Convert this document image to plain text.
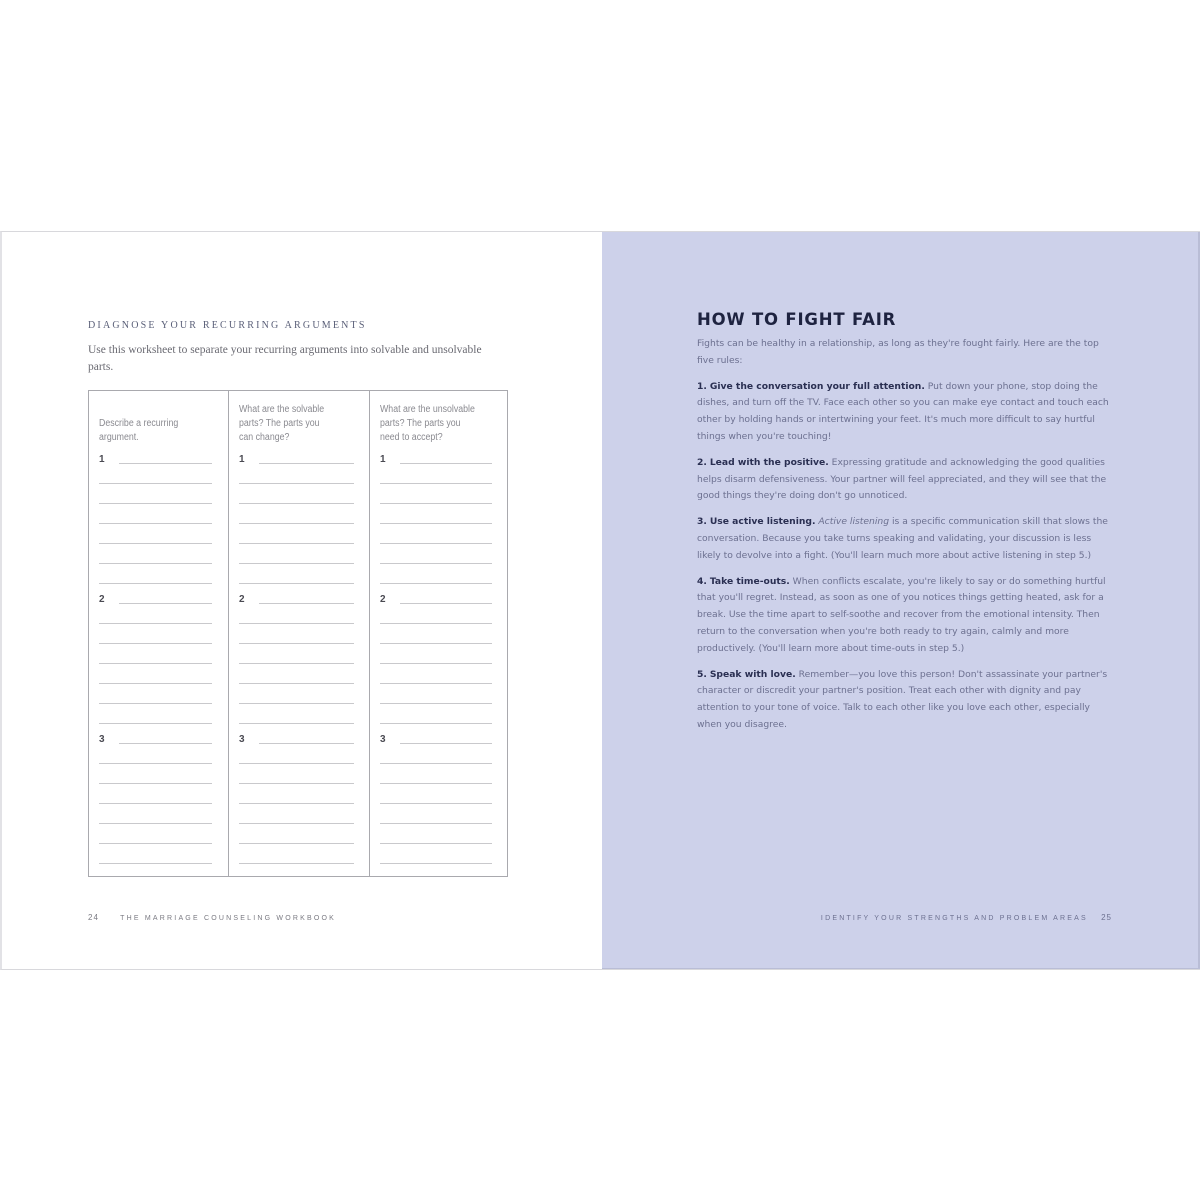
DIAGNOSE YOUR RECURRING ARGUMENTS
Use this worksheet to separate your recurring arguments into solvable and unsolvable parts.
Describe a recurring argument.
1
2
3
What are the solvable parts? The parts you can change?
1
2
3
What are the unsolvable parts? The parts you need to accept?
1
2
3
24	THE MARRIAGE COUNSELING WORKBOOK
HOW TO FIGHT FAIR

Fights can be healthy in a relationship, as long as they're fought fairly. Here are the top five rules:

1. Give the conversation your full attention. Put down your phone, stop doing the dishes, and turn off the TV. Face each other so you can make eye contact and touch each other by holding hands or intertwining your feet. It's much more difficult to say hurtful things when you're touching!

2. Lead with the positive. Expressing gratitude and acknowledging the good qualities helps disarm defensiveness. Your partner will feel appreciated, and they will see that the good things they're doing don't go unnoticed.

3. Use active listening. Active listening is a specific communication skill that slows the conversation. Because you take turns speaking and validating, your discussion is less likely to devolve into a fight. (You'll learn much more about active listening in step 5.)

4. Take time-outs. When conflicts escalate, you're likely to say or do something hurtful that you'll regret. Instead, as soon as one of you notices things getting heated, ask for a break. Use the time apart to self-soothe and recover from the emotional intensity. Then return to the conversation when you're both ready to try again, calmly and more productively. (You'll learn more about time-outs in step 5.)

5. Speak with love. Remember—you love this person! Don't assassinate your partner's character or discredit your partner's position. Treat each other with dignity and pay attention to your tone of voice. Talk to each other like you love each other, especially when you disagree.

IDENTIFY YOUR STRENGTHS AND PROBLEM AREAS 25
